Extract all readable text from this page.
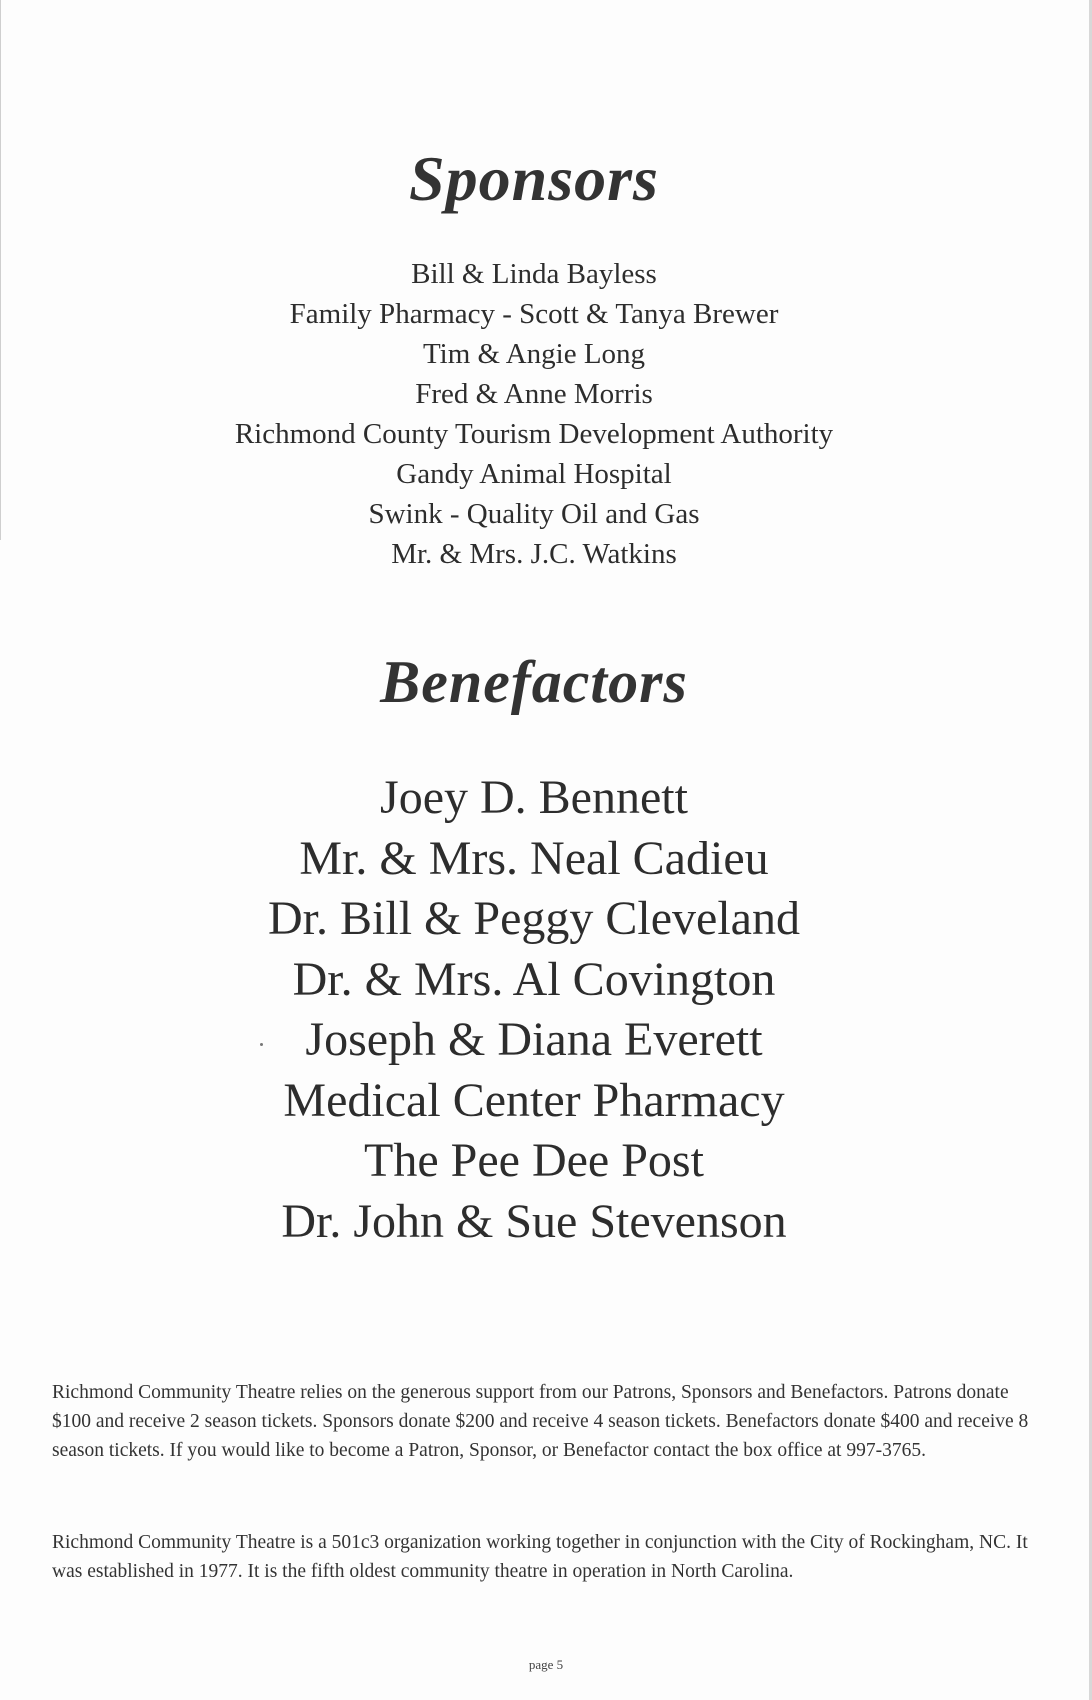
Sponsors
Bill & Linda Bayless
Family Pharmacy - Scott & Tanya Brewer
Tim & Angie Long
Fred & Anne Morris
Richmond County Tourism Development Authority
Gandy Animal Hospital
Swink - Quality Oil and Gas
Mr. & Mrs. J.C. Watkins
Benefactors
Joey D. Bennett
Mr. & Mrs. Neal Cadieu
Dr. Bill & Peggy Cleveland
Dr. & Mrs. Al Covington
Joseph & Diana Everett
Medical Center Pharmacy
The Pee Dee Post
Dr. John & Sue Stevenson

Richmond Community Theatre relies on the generous support from our Patrons, Sponsors and Benefactors. Patrons donate $100 and receive 2 season tickets. Sponsors donate $200 and receive 4 season tickets. Benefactors donate $400 and receive 8 season tickets. If you would like to become a Patron, Sponsor, or Benefactor contact the box office at 997-3765.

Richmond Community Theatre is a 501c3 organization working together in conjunction with the City of Rockingham, NC. It was established in 1977. It is the fifth oldest community theatre in operation in North Carolina.

page 5
